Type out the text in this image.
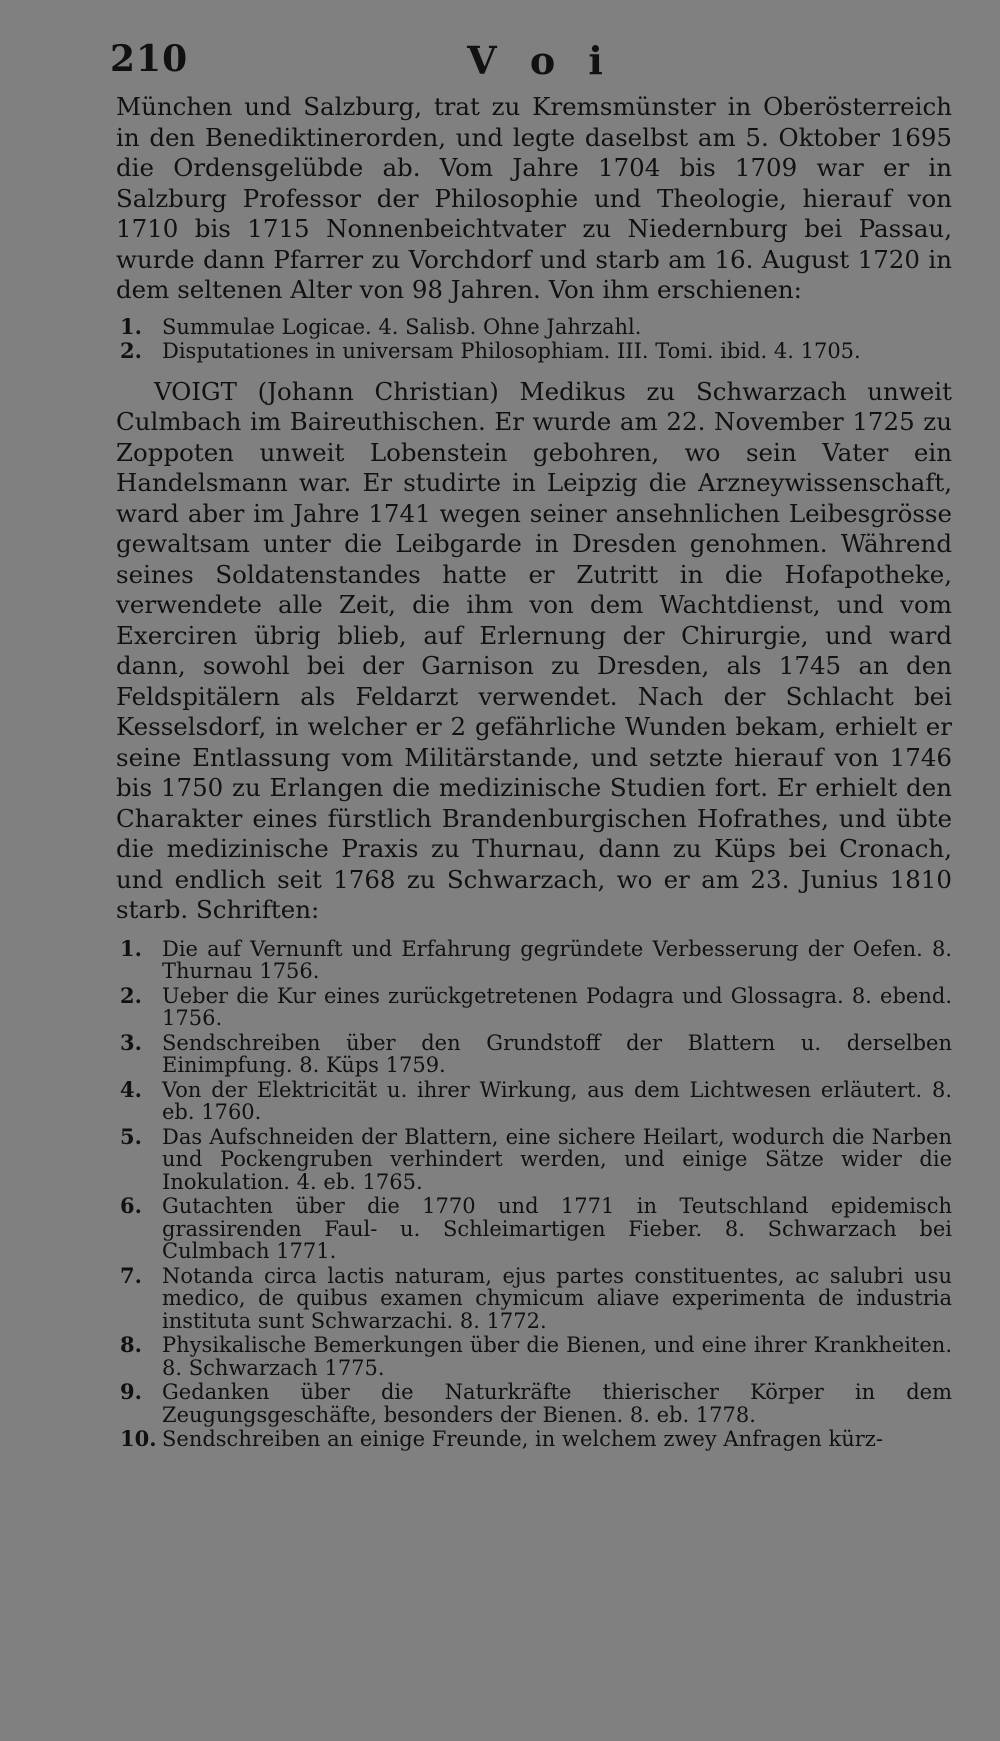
210	V o i

München und Salzburg, trat zu Kremsmünster in Oberösterreich in den Benediktinerorden, und legte daselbst am 5. Oktober 1695 die Ordensgelübde ab. Vom Jahre 1704 bis 1709 war er in Salzburg Professor der Philosophie und Theologie, hierauf von 1710 bis 1715 Nonnenbeichtvater zu Niedernburg bei Passau, wurde dann Pfarrer zu Vorchdorf und starb am 16. August 1720 in dem seltenen Alter von 98 Jahren. Von ihm erschienen:

1. Summulae Logicae. 4. Salisb. Ohne Jahrzahl.
2. Disputationes in universam Philosophiam. III. Tomi. ibid. 4. 1705.

VOIGT (Johann Christian) Medikus zu Schwarzach unweit Culmbach im Baireuthischen. Er wurde am 22. November 1725 zu Zoppoten unweit Lobenstein gebohren, wo sein Vater ein Handelsmann war. Er studirte in Leipzig die Arzneywissenschaft, ward aber im Jahre 1741 wegen seiner ansehnlichen Leibesgrösse gewaltsam unter die Leibgarde in Dresden genohmen. Während seines Soldatenstandes hatte er Zutritt in die Hofapotheke, verwendete alle Zeit, die ihm von dem Wachtdienst, und vom Exerciren übrig blieb, auf Erlernung der Chirurgie, und ward dann, sowohl bei der Garnison zu Dresden, als 1745 an den Feldspitälern als Feldarzt verwendet. Nach der Schlacht bei Kesselsdorf, in welcher er 2 gefährliche Wunden bekam, erhielt er seine Entlassung vom Militärstande, und setzte hierauf von 1746 bis 1750 zu Erlangen die medizinische Studien fort. Er erhielt den Charakter eines fürstlich Brandenburgischen Hofrathes, und übte die medizinische Praxis zu Thurnau, dann zu Küps bei Cronach, und endlich seit 1768 zu Schwarzach, wo er am 23. Junius 1810 starb. Schriften:

1. Die auf Vernunft und Erfahrung gegründete Verbesserung der Oefen. 8. Thurnau 1756.
2. Ueber die Kur eines zurückgetretenen Podagra und Glossagra. 8. ebend. 1756.
3. Sendschreiben über den Grundstoff der Blattern u. derselben Einimpfung. 8. Küps 1759.
4. Von der Elektricität u. ihrer Wirkung, aus dem Lichtwesen erläutert. 8. eb. 1760.
5. Das Aufschneiden der Blattern, eine sichere Heilart, wodurch die Narben und Pockengruben verhindert werden, und einige Sätze wider die Inokulation. 4. eb. 1765.
6. Gutachten über die 1770 und 1771 in Teutschland epidemisch grassirenden Faul- u. Schleimartigen Fieber. 8. Schwarzach bei Culmbach 1771.
7. Notanda circa lactis naturam, ejus partes constituentes, ac salubri usu medico, de quibus examen chymicum aliave experimenta de industria instituta sunt Schwarzachi. 8. 1772.
8. Physikalische Bemerkungen über die Bienen, und eine ihrer Krankheiten. 8. Schwarzach 1775.
9. Gedanken über die Naturkräfte thierischer Körper in dem Zeugungsgeschäfte, besonders der Bienen. 8. eb. 1778.
10. Sendschreiben an einige Freunde, in welchem zwey Anfragen kürz-
